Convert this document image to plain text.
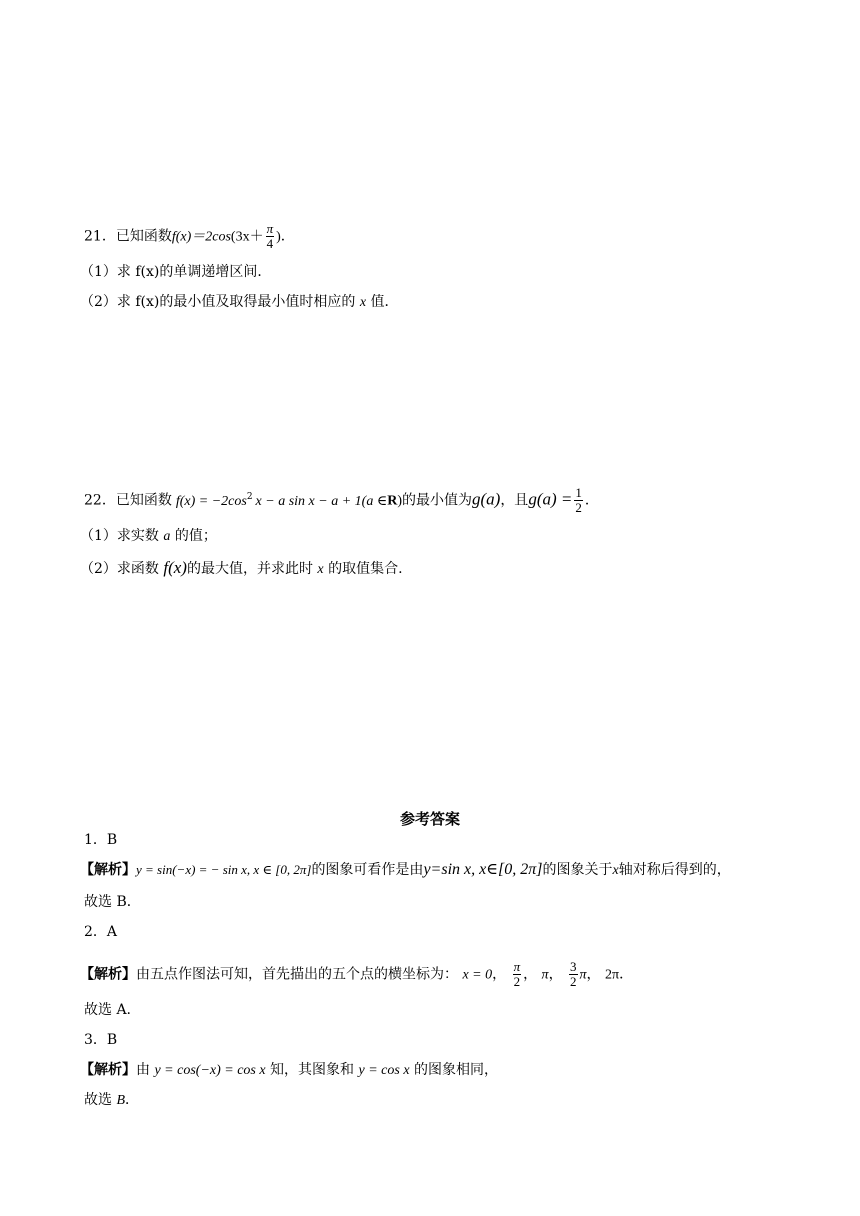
21．已知函数$f(x)=2\cos(3x+ \frac{\pi}{4}$ )．
（1）求 f(x)的单调递增区间．
（2）求 f(x)的最小值及取得最小值时相应的 x 值．
22．已知函数 $f(x) = -2\cos^2$ x − a sin x − a + 1(a ∈R)的最小值为g(a)，且$g(a) = \frac{1}{2}$ ．
（1）求实数 a 的值；
（2）求函数 f(x)的最大值，并求此时 x 的取值集合.
参考答案
1．B
【解析】y = sin(−x) = − sin x, x ∈ [0, 2π]的图象可看作是由y=sin x, x∈[0, 2π]的图象关于x轴对称后得到的，
故选 B．
2．A
【解析】由五点作图法可知，首先描出的五个点的横坐标为： x = 0， $\frac{\pi}{2}$ ， π， $\frac{3}{2}$ π， 2π．
故选 A.
3．B
【解析】由 y = cos(−x) = cos x 知，其图象和 y = cos x 的图象相同，
故选 B．
